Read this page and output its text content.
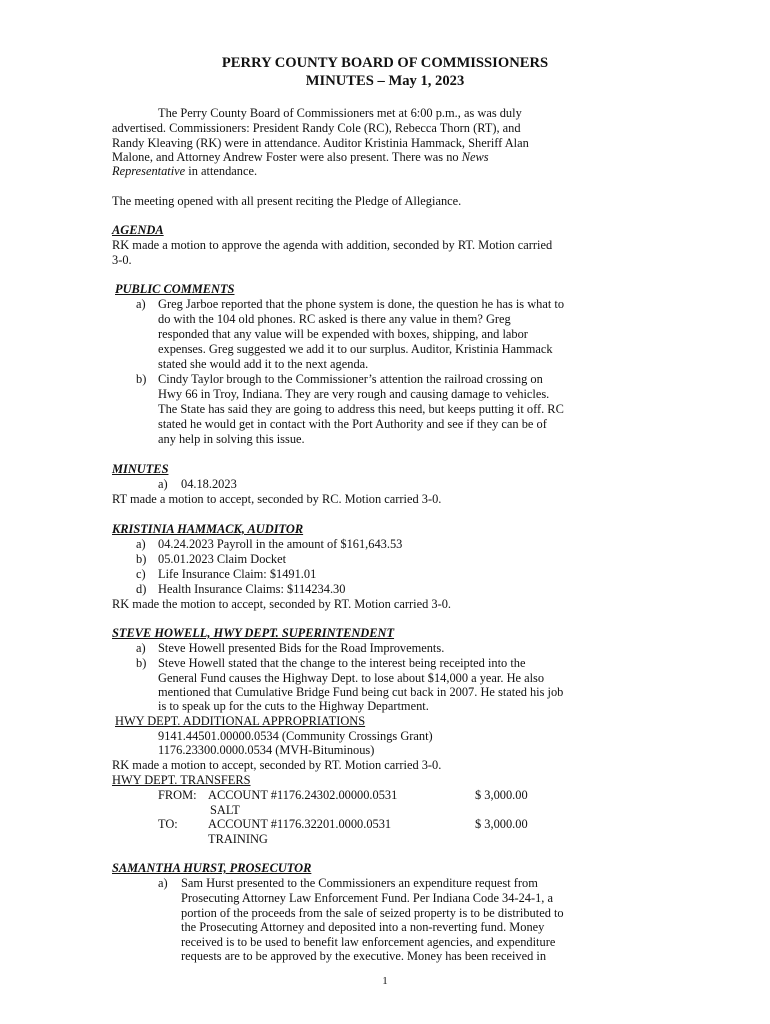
PERRY COUNTY BOARD OF COMMISSIONERS
MINUTES – May 1, 2023
The Perry County Board of Commissioners met at 6:00 p.m., as was duly
advertised. Commissioners: President Randy Cole (RC), Rebecca Thorn (RT), and
Randy Kleaving (RK) were in attendance. Auditor Kristinia Hammack, Sheriff Alan
Malone, and Attorney Andrew Foster were also present. There was no News
Representative in attendance.
The meeting opened with all present reciting the Pledge of Allegiance.
AGENDA
RK made a motion to approve the agenda with addition, seconded by RT. Motion carried
3-0.
PUBLIC COMMENTS
a) Greg Jarboe reported that the phone system is done, the question he has is what to
do with the 104 old phones. RC asked is there any value in them? Greg
responded that any value will be expended with boxes, shipping, and labor
expenses. Greg suggested we add it to our surplus. Auditor, Kristinia Hammack
stated she would add it to the next agenda.
b) Cindy Taylor brough to the Commissioner’s attention the railroad crossing on
Hwy 66 in Troy, Indiana. They are very rough and causing damage to vehicles.
The State has said they are going to address this need, but keeps putting it off. RC
stated he would get in contact with the Port Authority and see if they can be of
any help in solving this issue.
MINUTES
a) 04.18.2023
RT made a motion to accept, seconded by RC. Motion carried 3-0.
KRISTINIA HAMMACK, AUDITOR
a) 04.24.2023 Payroll in the amount of $161,643.53
b) 05.01.2023 Claim Docket
c) Life Insurance Claim: $1491.01
d) Health Insurance Claims: $114234.30
RK made the motion to accept, seconded by RT. Motion carried 3-0.
STEVE HOWELL, HWY DEPT. SUPERINTENDENT
a) Steve Howell presented Bids for the Road Improvements.
b) Steve Howell stated that the change to the interest being receipted into the
General Fund causes the Highway Dept. to lose about $14,000 a year. He also
mentioned that Cumulative Bridge Fund being cut back in 2007. He stated his job
is to speak up for the cuts to the Highway Department.
HWY DEPT. ADDITIONAL APPROPRIATIONS
9141.44501.00000.0534 (Community Crossings Grant)
1176.23300.0000.0534 (MVH-Bituminous)
RK made a motion to accept, seconded by RT. Motion carried 3-0.
HWY DEPT. TRANSFERS
FROM: ACCOUNT #1176.24302.00000.0531	$ 3,000.00
SALT
TO: ACCOUNT #1176.32201.0000.0531	$ 3,000.00
TRAINING
SAMANTHA HURST, PROSECUTOR
a) Sam Hurst presented to the Commissioners an expenditure request from
Prosecuting Attorney Law Enforcement Fund. Per Indiana Code 34-24-1, a
portion of the proceeds from the sale of seized property is to be distributed to
the Prosecuting Attorney and deposited into a non-reverting fund. Money
received is to be used to benefit law enforcement agencies, and expenditure
requests are to be approved by the executive. Money has been received in
1
